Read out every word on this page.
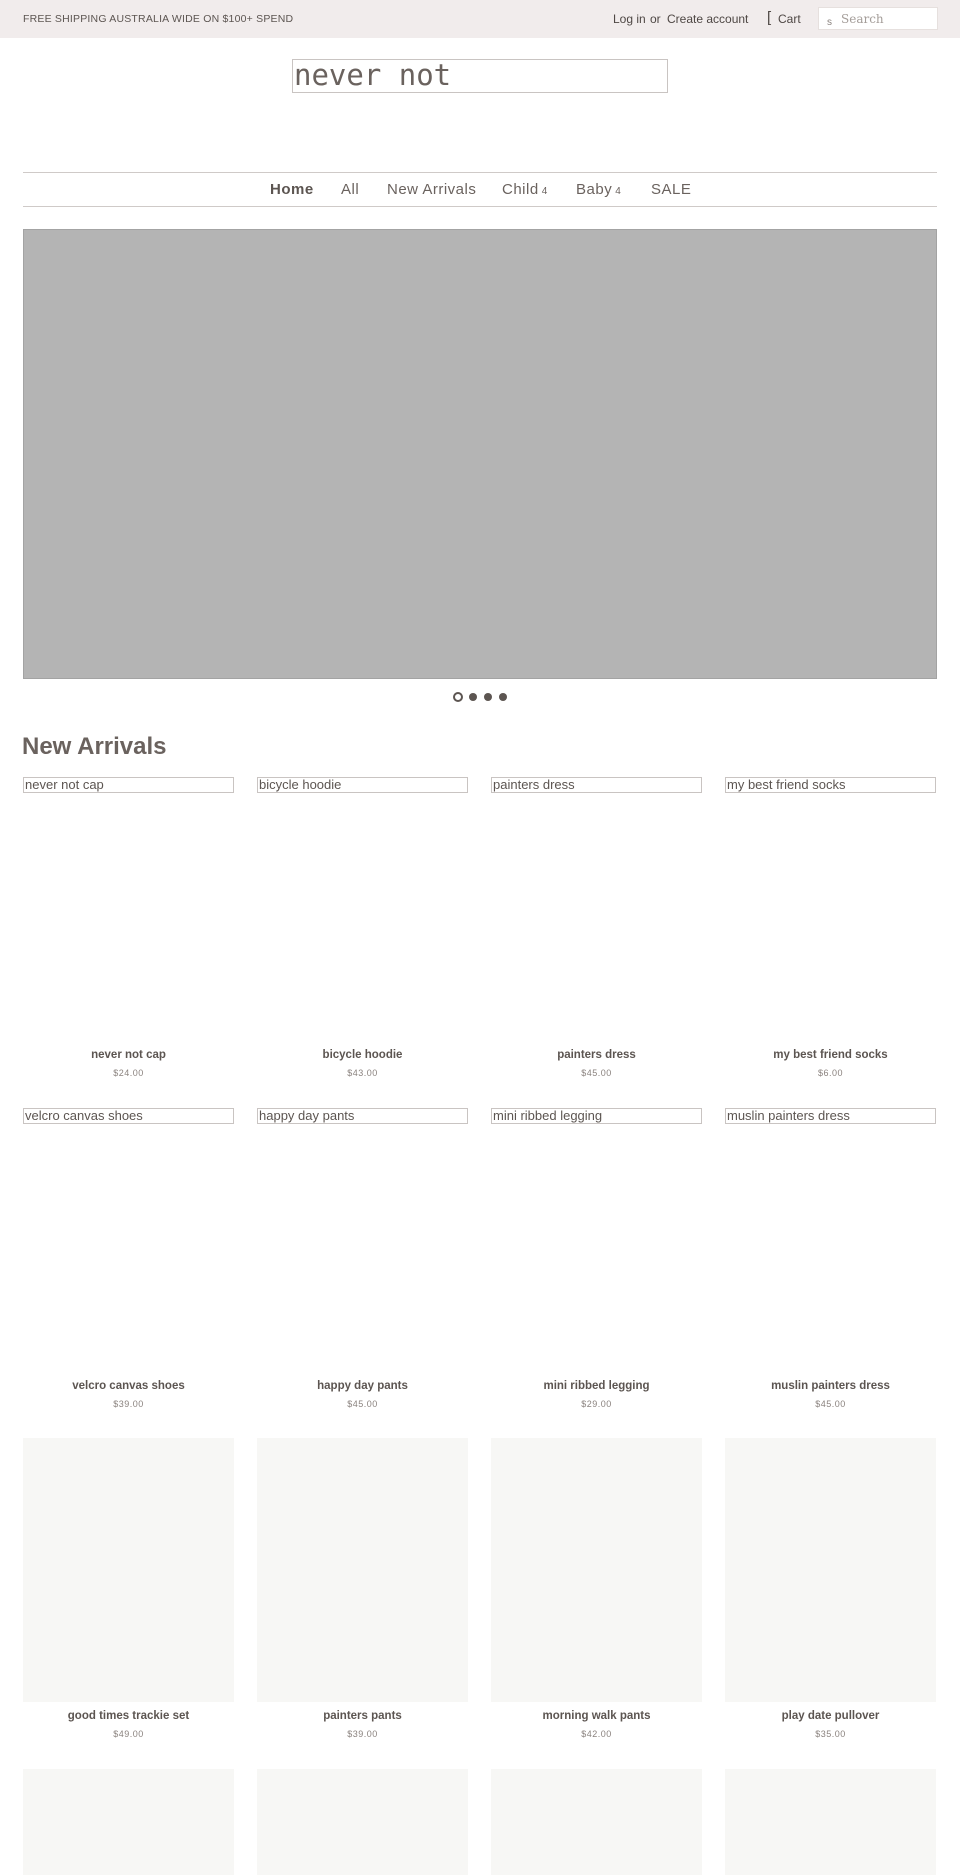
FREE SHIPPING AUSTRALIA WIDE ON $100+ SPEND	Log in or Create account [ Cart	s
Search
never not
Home All New Arrivals Child 4 Baby 4 SALE
New Arrivals
never not cap
never not cap
$24.00
bicycle hoodie
bicycle hoodie
$43.00
painters dress
painters dress
$45.00
my best friend socks
my best friend socks
$6.00
velcro canvas shoes
velcro canvas shoes
$39.00
happy day pants
happy day pants
$45.00
mini ribbed legging
mini ribbed legging
$29.00
muslin painters dress
muslin painters dress
$45.00
good times trackie set
$49.00
painters pants
$39.00
morning walk pants
$42.00
play date pullover
$35.00
